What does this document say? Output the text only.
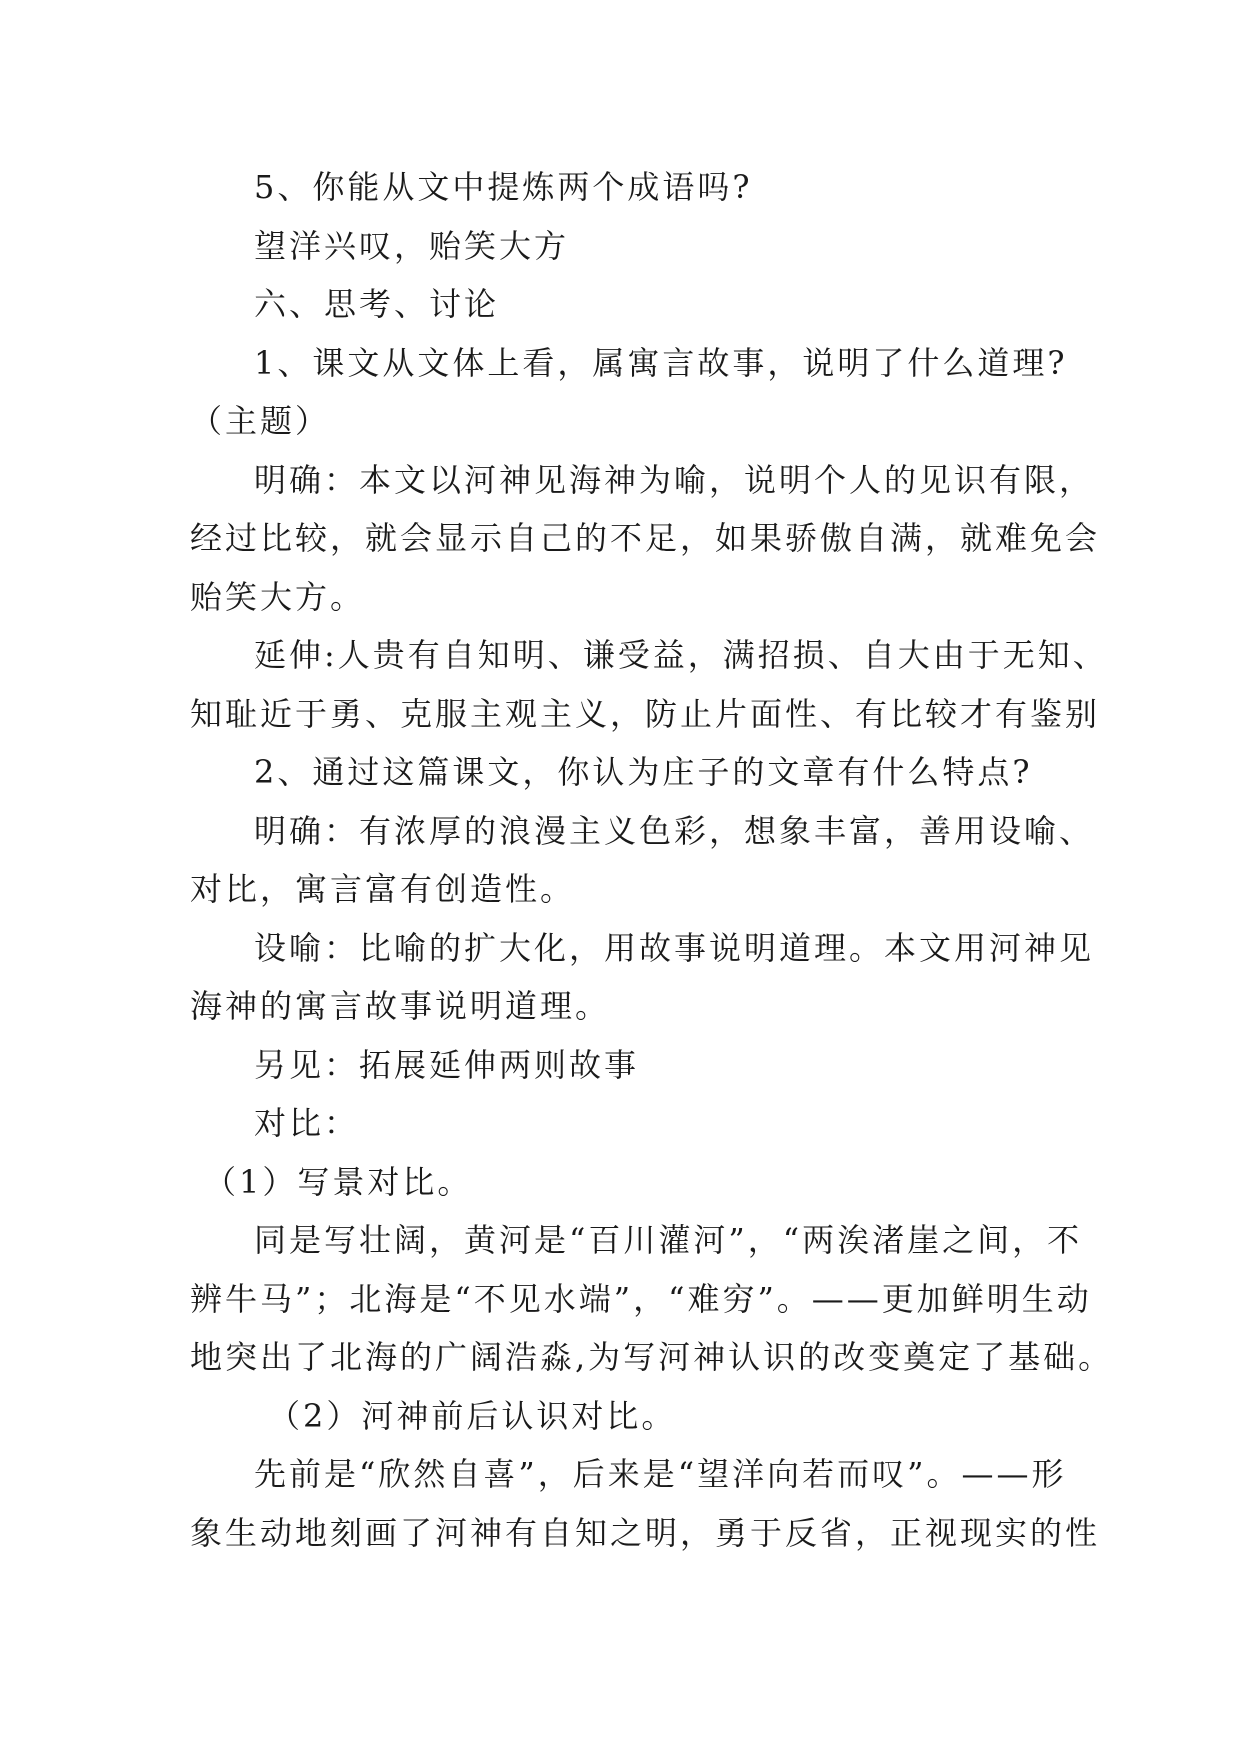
5、你能从文中提炼两个成语吗?

望洋兴叹，贻笑大方

六、思考、讨论

1、课文从文体上看，属寓言故事，说明了什么道理?

（主题）

明确：本文以河神见海神为喻，说明个人的见识有限，

经过比较，就会显示自己的不足，如果骄傲自满，就难免会

贻笑大方。

延伸:人贵有自知明、谦受益，满招损、自大由于无知、

知耻近于勇、克服主观主义，防止片面性、有比较才有鉴别

2、通过这篇课文，你认为庄子的文章有什么特点?

明确：有浓厚的浪漫主义色彩，想象丰富，善用设喻、

对比，寓言富有创造性。

设喻：比喻的扩大化，用故事说明道理。本文用河神见

海神的寓言故事说明道理。

另见：拓展延伸两则故事

对比：

（1）写景对比。

同是写壮阔，黄河是“百川灌河”，“两涘渚崖之间，不

辨牛马”；北海是“不见水端”，“难穷”。——更加鲜明生动

地突出了北海的广阔浩淼,为写河神认识的改变奠定了基础。

（2）河神前后认识对比。

先前是“欣然自喜”，后来是“望洋向若而叹”。——形

象生动地刻画了河神有自知之明，勇于反省，正视现实的性
